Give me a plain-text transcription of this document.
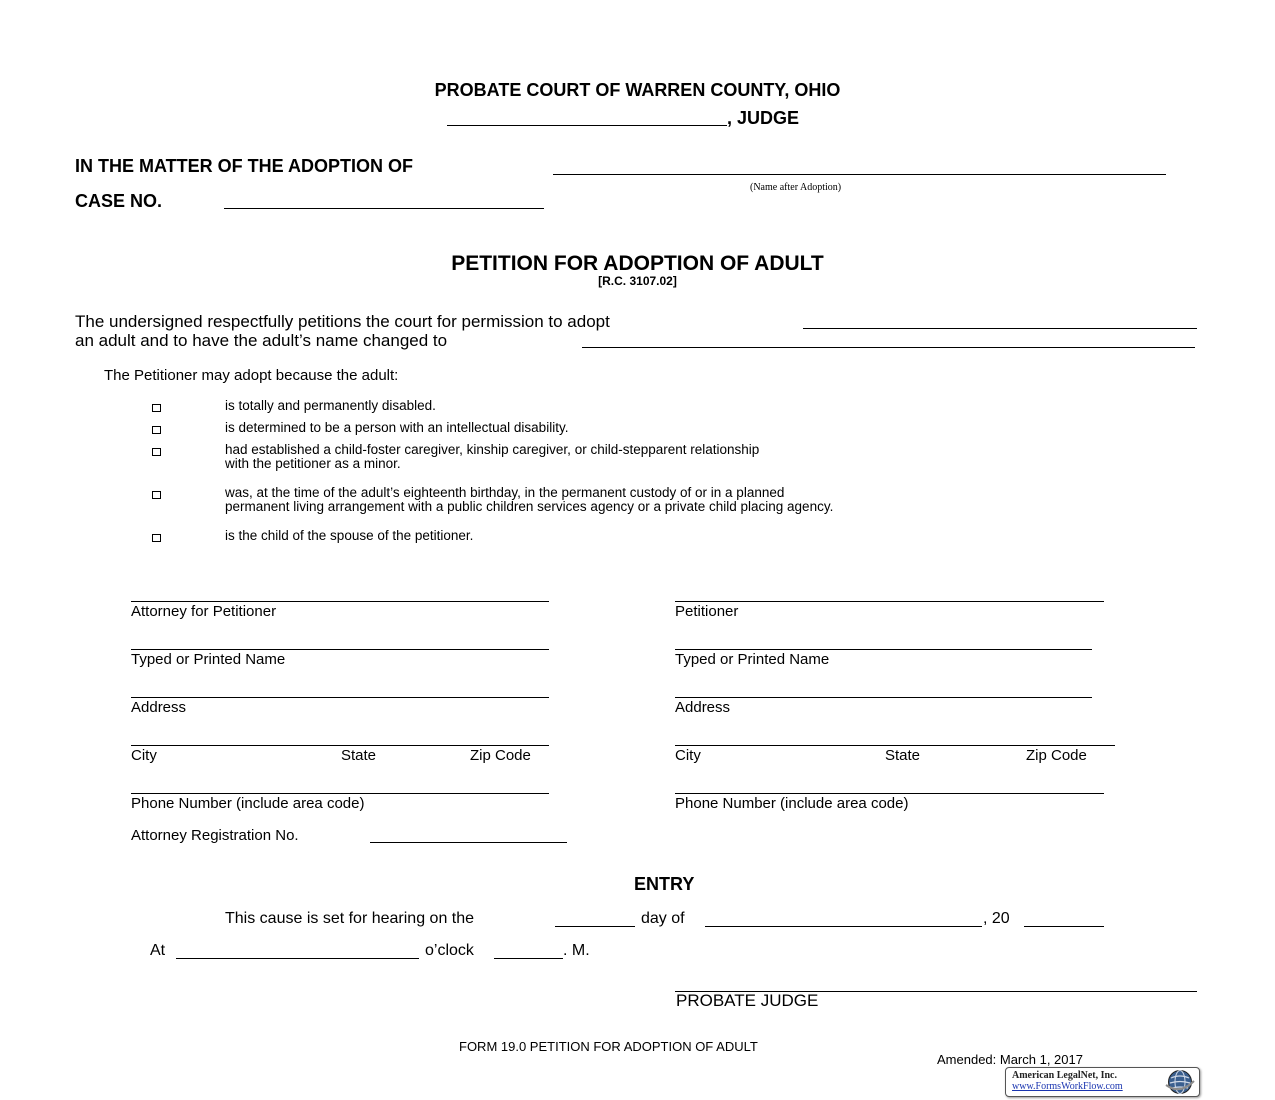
PROBATE COURT OF WARREN COUNTY, OHIO
, JUDGE
IN THE MATTER OF THE ADOPTION OF
(Name after Adoption)
CASE NO.
PETITION FOR ADOPTION OF ADULT
[R.C. 3107.02]
The undersigned respectfully petitions the court for permission to adopt
an adult and to have the adult’s name changed to
The Petitioner may adopt because the adult:
is totally and permanently disabled.
is determined to be a person with an intellectual disability.
had established a child-foster caregiver, kinship caregiver, or child-stepparent relationship
with the petitioner as a minor.
was, at the time of the adult’s eighteenth birthday, in the permanent custody of or in a planned
permanent living arrangement with a public children services agency or a private child placing agency.
is the child of the spouse of the petitioner.
Attorney for Petitioner
Typed or Printed Name
Address
City	State	Zip Code
Phone Number (include area code)
Attorney Registration No.
Petitioner
Typed or Printed Name
Address
City	State	Zip Code
Phone Number (include area code)
ENTRY
This cause is set for hearing on the	day of	, 20
At	o’clock	. M.
PROBATE JUDGE
FORM 19.0 PETITION FOR ADOPTION OF ADULT
Amended: March 1, 2017
American LegalNet, Inc.
www.FormsWorkFlow.com
